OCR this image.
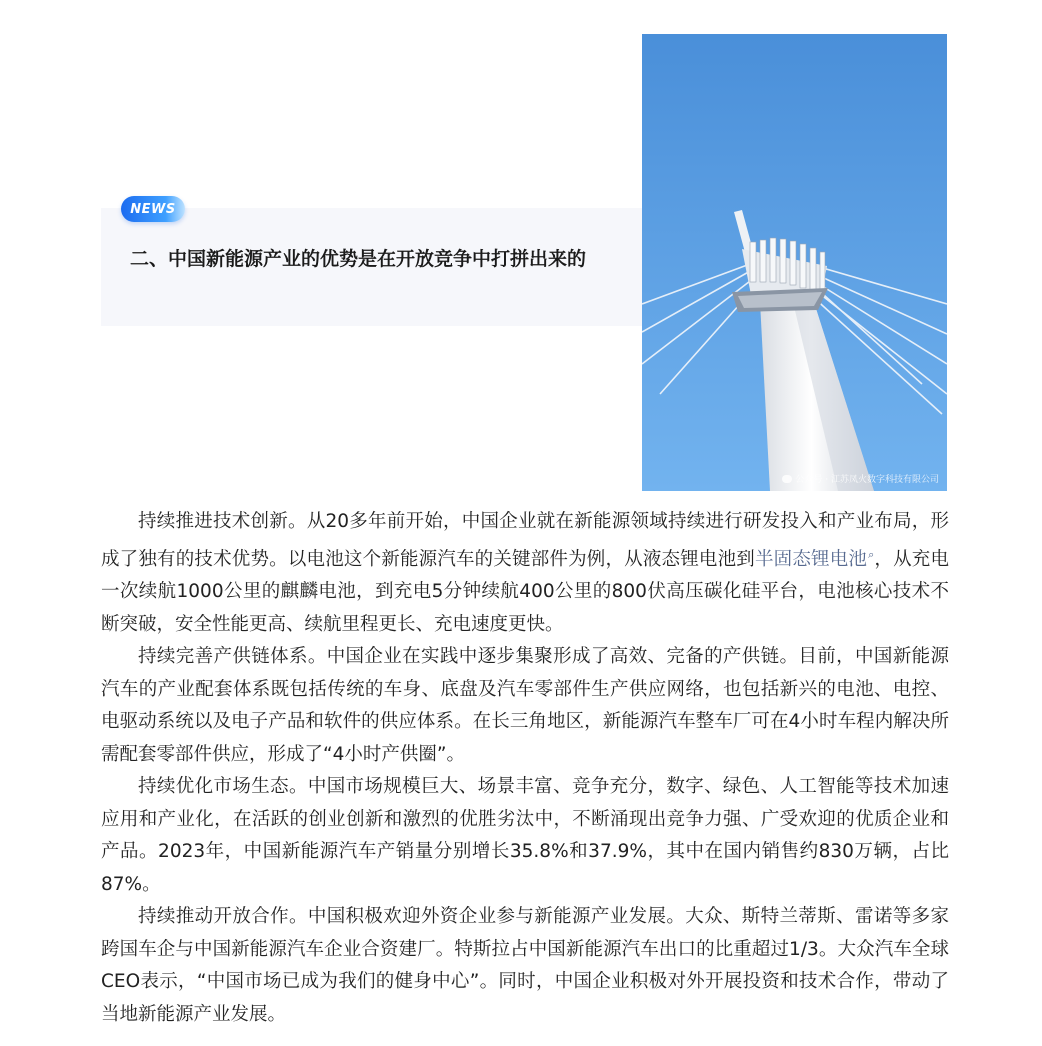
NEWS
二、中国新能源产业的优势是在开放竞争中打拼出来的
公众号 · 江苏凤火数字科技有限公司

持续推进技术创新。从20多年前开始，中国企业就在新能源领域持续进行研发投入和产业布局，形成了独有的技术优势。以电池这个新能源汽车的关键部件为例，从液态锂电池到半固态锂电池⌕，从充电一次续航1000公里的麒麟电池，到充电5分钟续航400公里的800伏高压碳化硅平台，电池核心技术不断突破，安全性能更高、续航里程更长、充电速度更快。

持续完善产供链体系。中国企业在实践中逐步集聚形成了高效、完备的产供链。目前，中国新能源汽车的产业配套体系既包括传统的车身、底盘及汽车零部件生产供应网络，也包括新兴的电池、电控、电驱动系统以及电子产品和软件的供应体系。在长三角地区，新能源汽车整车厂可在4小时车程内解决所需配套零部件供应，形成了“4小时产供圈”。

持续优化市场生态。中国市场规模巨大、场景丰富、竞争充分，数字、绿色、人工智能等技术加速应用和产业化，在活跃的创业创新和激烈的优胜劣汰中，不断涌现出竞争力强、广受欢迎的优质企业和产品。2023年，中国新能源汽车产销量分别增长35.8%和37.9%，其中在国内销售约830万辆，占比87%。

持续推动开放合作。中国积极欢迎外资企业参与新能源产业发展。大众、斯特兰蒂斯、雷诺等多家跨国车企与中国新能源汽车企业合资建厂。特斯拉占中国新能源汽车出口的比重超过1/3。大众汽车全球CEO表示，“中国市场已成为我们的健身中心”。同时，中国企业积极对外开展投资和技术合作，带动了当地新能源产业发展。
